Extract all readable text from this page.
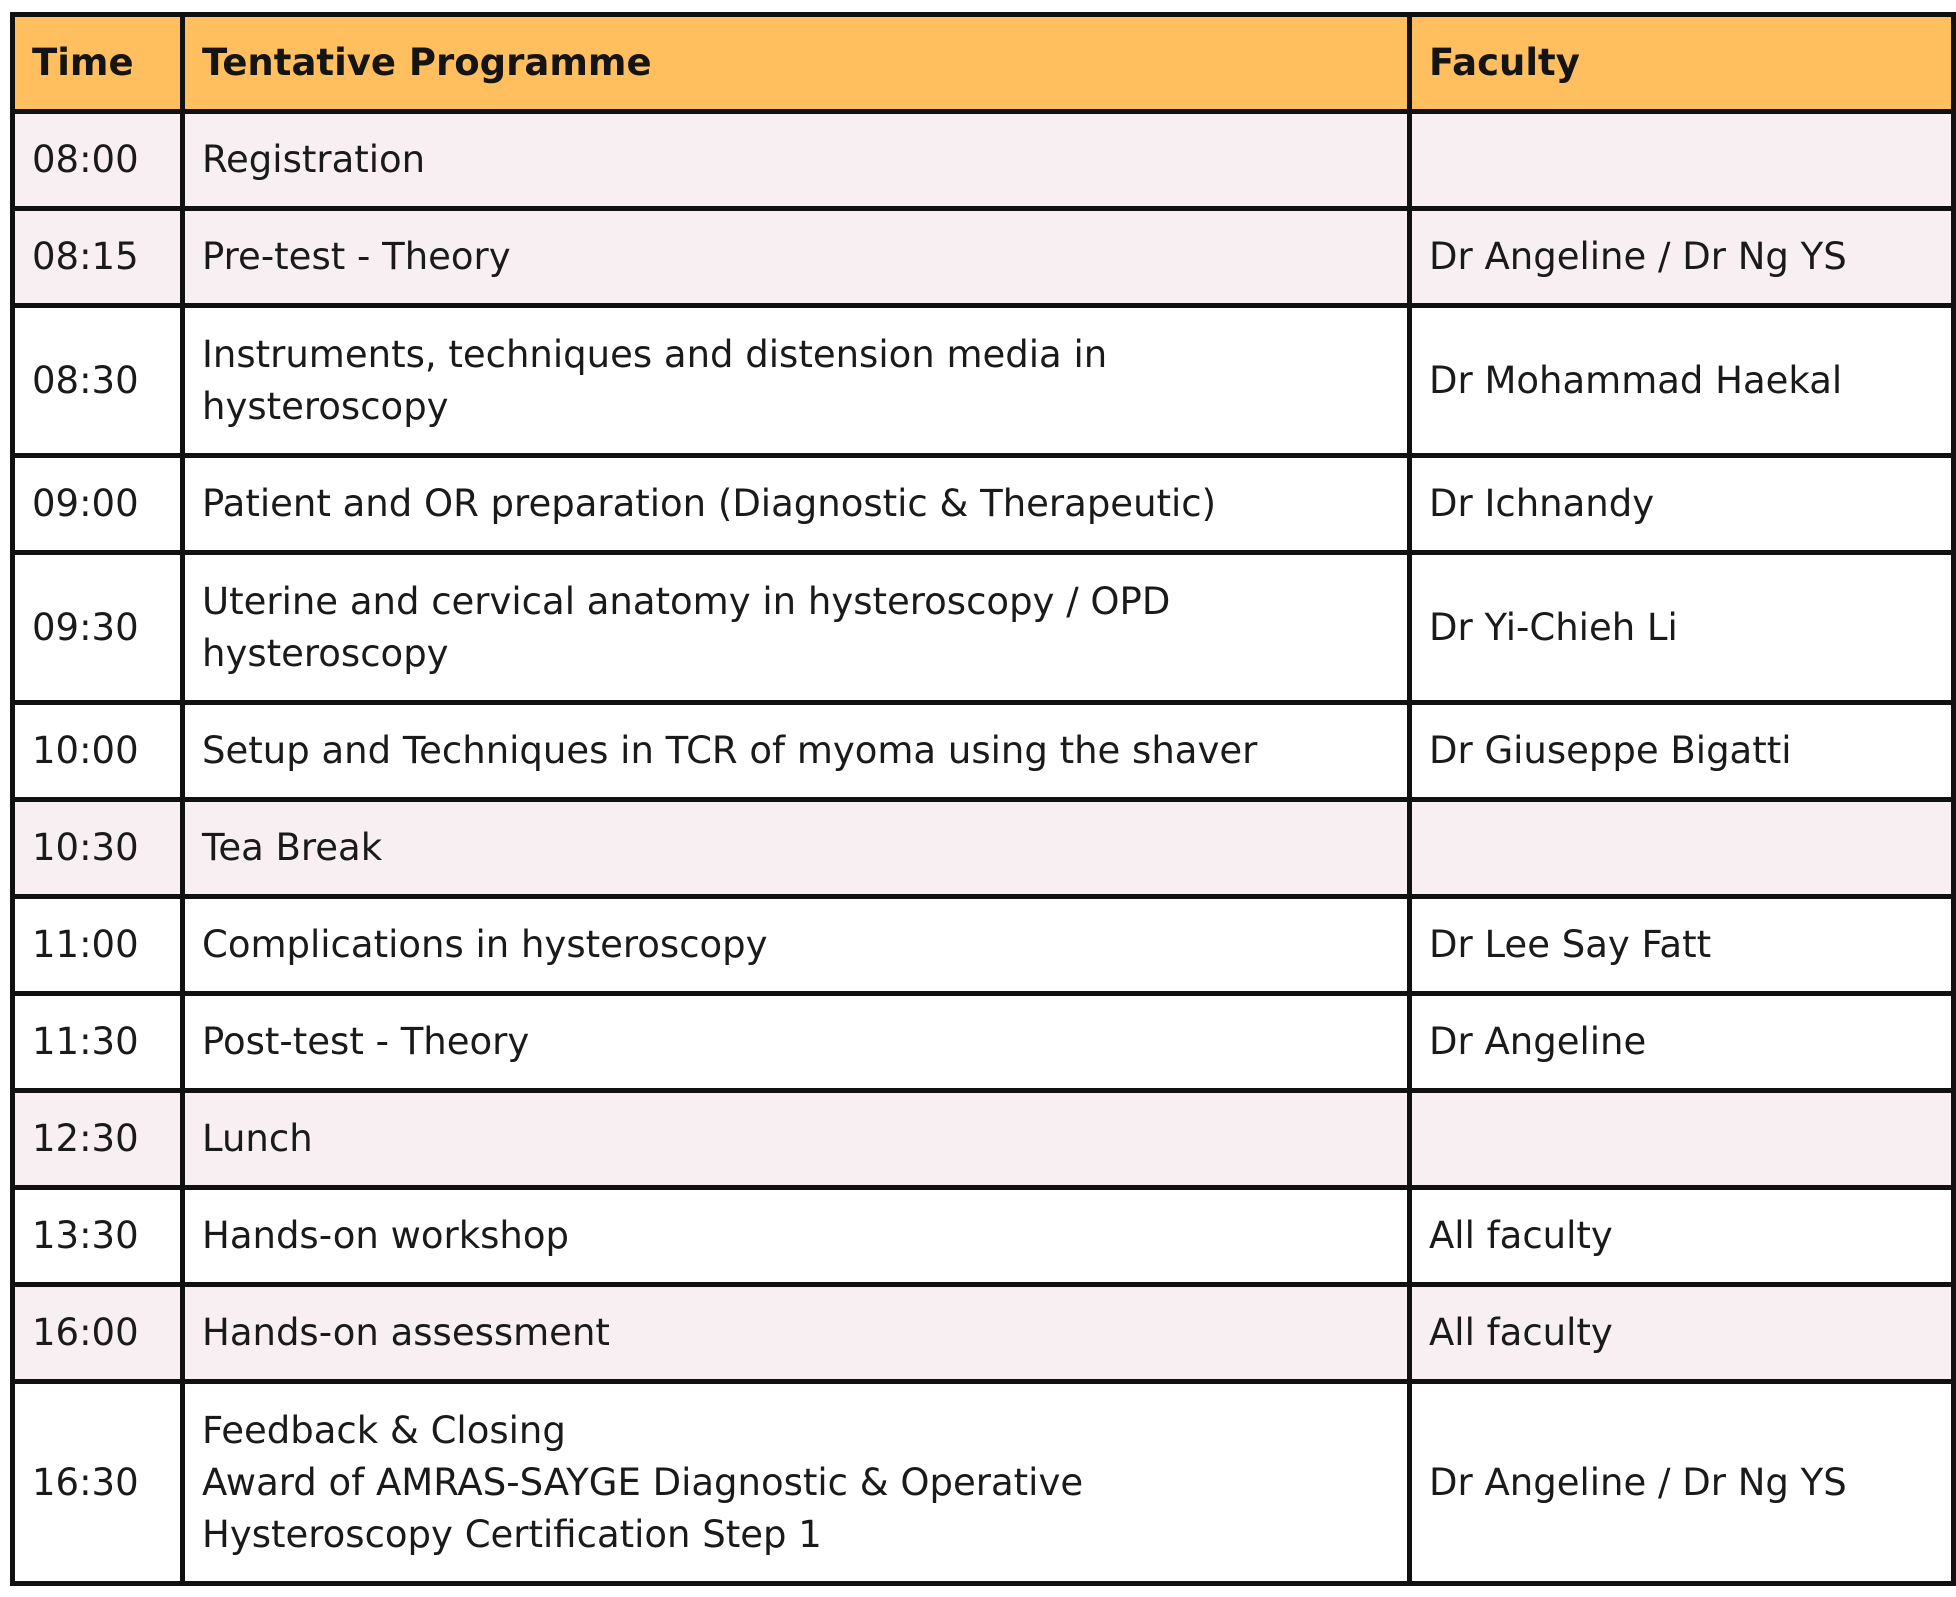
Time	Tentative Programme	Faculty
08:00	Registration	

08:15	Pre-test - Theory	Dr Angeline / Dr Ng YS
08:30	Instruments, techniques and distension media in
hysteroscopy	Dr Mohammad Haekal
09:00	Patient and OR preparation (Diagnostic & Therapeutic)	Dr Ichnandy
09:30	Uterine and cervical anatomy in hysteroscopy / OPD
hysteroscopy	Dr Yi-Chieh Li
10:00	Setup and Techniques in TCR of myoma using the shaver	Dr Giuseppe Bigatti
10:30	Tea Break	

11:00	Complications in hysteroscopy	Dr Lee Say Fatt
11:30	Post-test - Theory	Dr Angeline
12:30	Lunch	

13:30	Hands-on workshop	All faculty
16:00	Hands-on assessment	All faculty
16:30	Feedback & Closing
Award of AMRAS-SAYGE Diagnostic & Operative
Hysteroscopy Certification Step 1	Dr Angeline / Dr Ng YS
